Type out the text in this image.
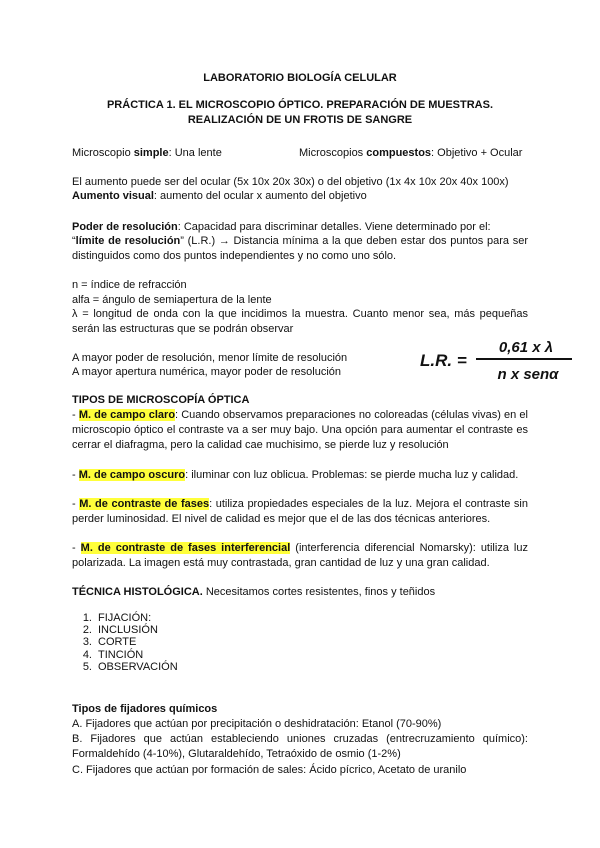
LABORATORIO BIOLOGÍA CELULAR
PRÁCTICA 1. EL MICROSCOPIO ÓPTICO. PREPARACIÓN DE MUESTRAS.
REALIZACIÓN DE UN FROTIS DE SANGRE
Microscopio simple: Una lente	Microscopios compuestos: Objetivo + Ocular
El aumento puede ser del ocular (5x 10x 20x 30x) o del objetivo (1x 4x 10x 20x 40x 100x)
Aumento visual: aumento del ocular x aumento del objetivo
Poder de resolución: Capacidad para discriminar detalles. Viene determinado por el:
“límite de resolución” (L.R.) → Distancia mínima a la que deben estar dos puntos para ser distinguidos como dos puntos independientes y no como uno sólo.
n = índice de refracción
alfa = ángulo de semiapertura de la lente
λ = longitud de onda con la que incidimos la muestra. Cuanto menor sea, más pequeñas serán las estructuras que se podrán observar
A mayor poder de resolución, menor límite de resolución
A mayor apertura numérica, mayor poder de resolución
L.R. =
0,61 x λ
n x senα
TIPOS DE MICROSCOPÍA ÓPTICA
- M. de campo claro: Cuando observamos preparaciones no coloreadas (células vivas) en el microscopio óptico el contraste va a ser muy bajo. Una opción para aumentar el contraste es cerrar el diafragma, pero la calidad cae muchisimo, se pierde luz y resolución
- M. de campo oscuro: iluminar con luz oblicua. Problemas: se pierde mucha luz y calidad.
- M. de contraste de fases: utiliza propiedades especiales de la luz. Mejora el contraste sin perder luminosidad. El nivel de calidad es mejor que el de las dos técnicas anteriores.
- M. de contraste de fases interferencial (interferencia diferencial Nomarsky): utiliza luz polarizada. La imagen está muy contrastada, gran cantidad de luz y una gran calidad.
TÉCNICA HISTOLÓGICA. Necesitamos cortes resistentes, finos y teñidos
1. FIJACIÓN:
2. INCLUSIÓN
3. CORTE
4. TINCIÓN
5. OBSERVACIÓN
Tipos de fijadores químicos
A. Fijadores que actúan por precipitación o deshidratación: Etanol (70-90%)
B. Fijadores que actúan estableciendo uniones cruzadas (entrecruzamiento químico): Formaldehído (4-10%), Glutaraldehído, Tetraóxido de osmio (1-2%)
C. Fijadores que actúan por formación de sales: Ácido pícrico, Acetato de uranilo
